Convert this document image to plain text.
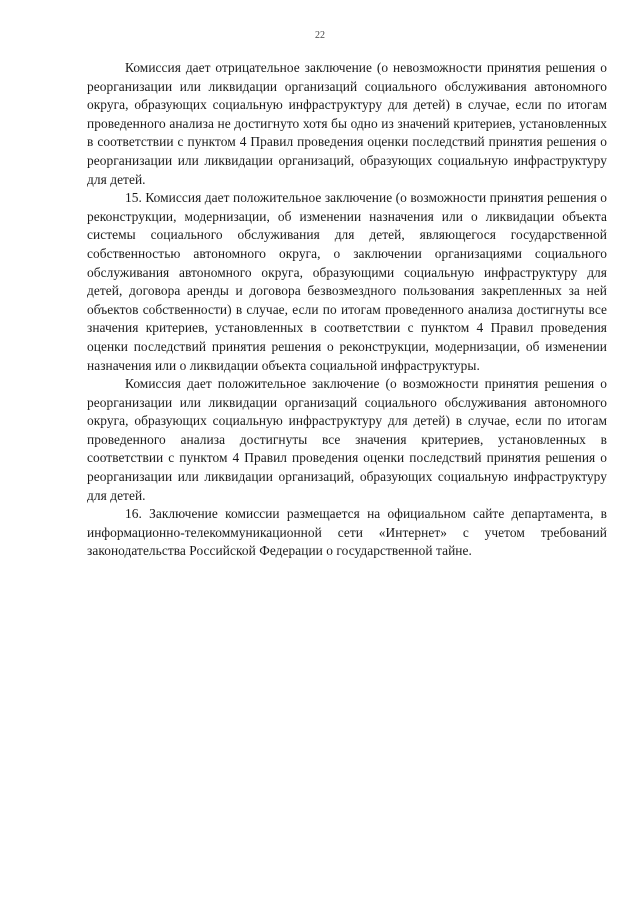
22

Комиссия дает отрицательное заключение (о невозможности принятия решения о реорганизации или ликвидации организаций социального обслуживания автономного округа, образующих социальную инфраструктуру для детей) в случае, если по итогам проведенного анализа не достигнуто хотя бы одно из значений критериев, установленных в соответствии с пунктом 4 Правил проведения оценки последствий принятия решения о реорганизации или ликвидации организаций, образующих социальную инфраструктуру для детей.

15. Комиссия дает положительное заключение (о возможности принятия решения о реконструкции, модернизации, об изменении назначения или о ликвидации объекта системы социального обслуживания для детей, являющегося государственной собственностью автономного округа, о заключении организациями социального обслуживания автономного округа, образующими социальную инфраструктуру для детей, договора аренды и договора безвозмездного пользования закрепленных за ней объектов собственности) в случае, если по итогам проведенного анализа достигнуты все значения критериев, установленных в соответствии с пунктом 4 Правил проведения оценки последствий принятия решения о реконструкции, модернизации, об изменении назначения или о ликвидации объекта социальной инфраструктуры.

Комиссия дает положительное заключение (о возможности принятия решения о реорганизации или ликвидации организаций социального обслуживания автономного округа, образующих социальную инфраструктуру для детей) в случае, если по итогам проведенного анализа достигнуты все значения критериев, установленных в соответствии с пунктом 4 Правил проведения оценки последствий принятия решения о реорганизации или ликвидации организаций, образующих социальную инфраструктуру для детей.

16. Заключение комиссии размещается на официальном сайте департамента, в информационно-телекоммуникационной сети «Интернет» с учетом требований законодательства Российской Федерации о государственной тайне.
